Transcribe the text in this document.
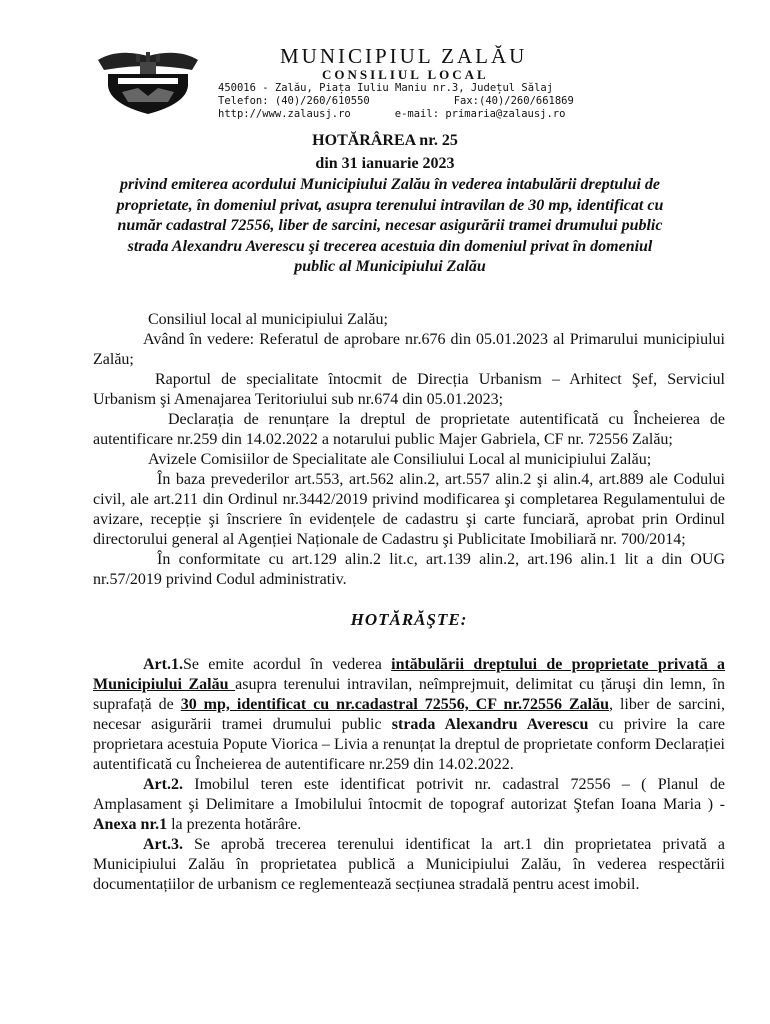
MUNICIPIUL ZALĂU
CONSILIUL LOCAL
450016 - Zalău, Piața Iuliu Maniu nr.3, Județul Sălaj
Telefon: (40)/260/610550	Fax:(40)/260/661869
http://www.zalausj.ro	e-mail: primaria@zalausj.ro
HOTĂRÂREA nr. 25
din 31 ianuarie 2023
privind emiterea acordului Municipiului Zalău în vederea intabulării dreptului de proprietate, în domeniul privat, asupra terenului intravilan de 30 mp, identificat cu număr cadastral 72556, liber de sarcini, necesar asigurării tramei drumului public strada Alexandru Averescu şi trecerea acestuia din domeniul privat în domeniul public al Municipiului Zalău

Consiliul local al municipiului Zalău;

Având în vedere: Referatul de aprobare nr.676 din 05.01.2023 al Primarului municipiului Zalău;

Raportul de specialitate întocmit de Direcția Urbanism – Arhitect Şef, Serviciul Urbanism şi Amenajarea Teritoriului sub nr.674 din 05.01.2023;

Declarația de renunțare la dreptul de proprietate autentificată cu Încheierea de autentificare nr.259 din 14.02.2022 a notarului public Majer Gabriela, CF nr. 72556 Zalău;

Avizele Comisiilor de Specialitate ale Consiliului Local al municipiului Zalău;

În baza prevederilor art.553, art.562 alin.2, art.557 alin.2 şi alin.4, art.889 ale Codului civil, ale art.211 din Ordinul nr.3442/2019 privind modificarea şi completarea Regulamentului de avizare, recepție şi înscriere în evidențele de cadastru şi carte funciară, aprobat prin Ordinul directorului general al Agenției Naționale de Cadastru şi Publicitate Imobiliară nr. 700/2014;

În conformitate cu art.129 alin.2 lit.c, art.139 alin.2, art.196 alin.1 lit a din OUG nr.57/2019 privind Codul administrativ.

HOTĂRĂŞTE:

Art.1.Se emite acordul în vederea intăbulării dreptului de proprietate privată a Municipiului Zalău asupra terenului intravilan, neîmprejmuit, delimitat cu țăruşi din lemn, în suprafață de 30 mp, identificat cu nr.cadastral 72556, CF nr.72556 Zalău, liber de sarcini, necesar asigurării tramei drumului public strada Alexandru Averescu cu privire la care proprietara acestuia Popute Viorica – Livia a renunțat la dreptul de proprietate conform Declarației autentificată cu Încheierea de autentificare nr.259 din 14.02.2022.

Art.2. Imobilul teren este identificat potrivit nr. cadastral 72556 – ( Planul de Amplasament şi Delimitare a Imobilului întocmit de topograf autorizat Ştefan Ioana Maria ) - Anexa nr.1 la prezenta hotărâre.

Art.3. Se aprobă trecerea terenului identificat la art.1 din proprietatea privată a Municipiului Zalău în proprietatea publică a Municipiului Zalău, în vederea respectării documentațiilor de urbanism ce reglementează secțiunea stradală pentru acest imobil.
